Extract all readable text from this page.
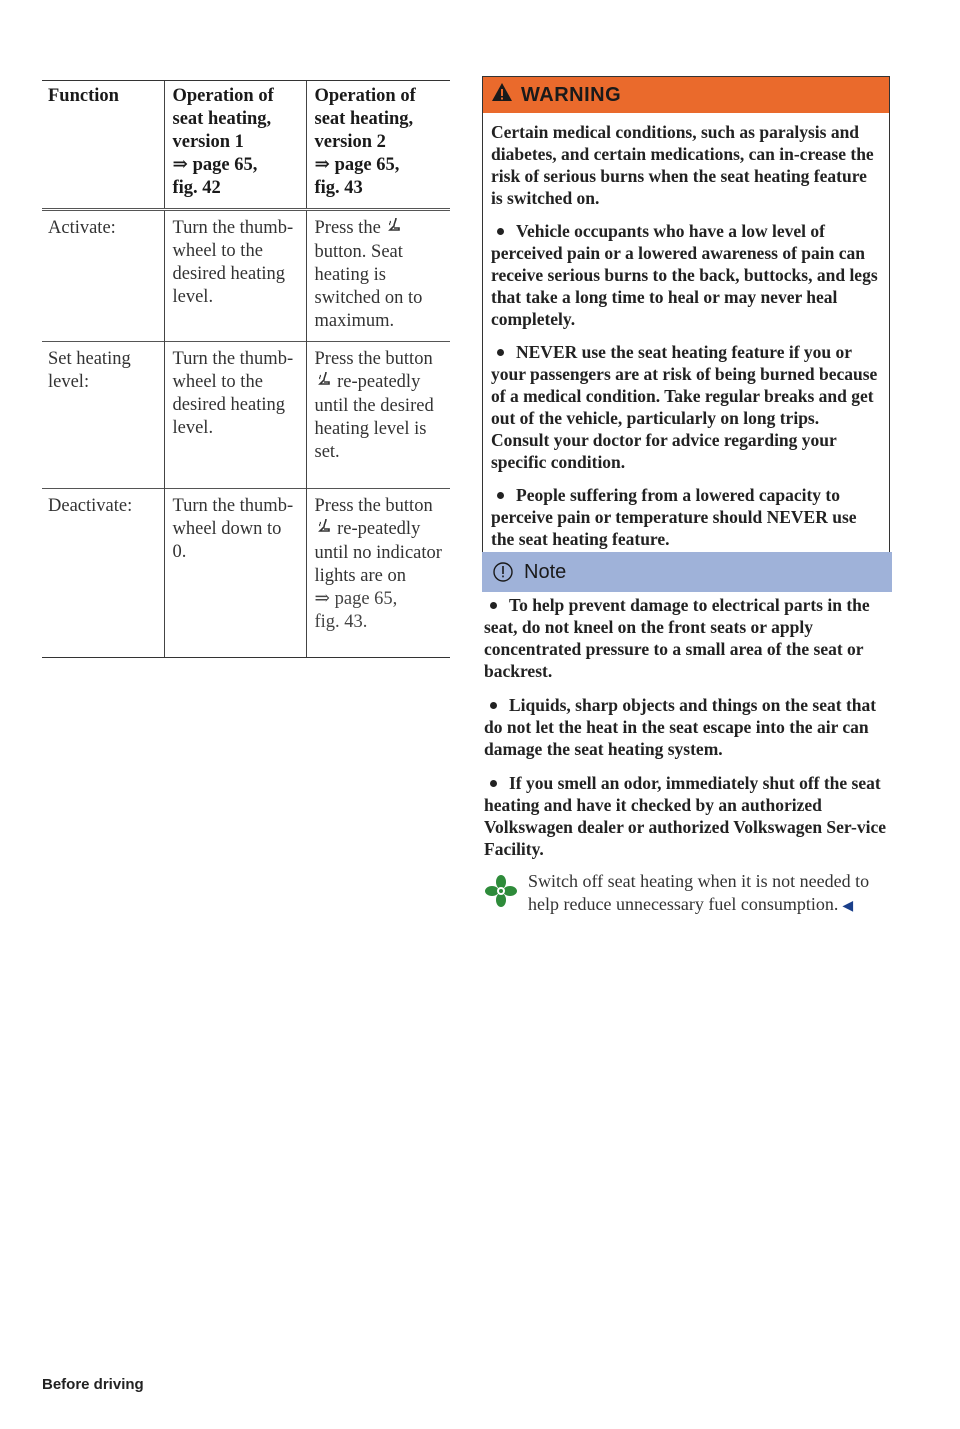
Function	Operation of seat heating, version 1
⇒ page 65,
fig. 42	Operation of seat heating, version 2
⇒ page 65,
fig. 43

Activate:	Turn the thumb-wheel to the desired heating level.	Press the  button. Seat heating is switched on to maximum.
Set heating level:	Turn the thumb-wheel to the desired heating level.	Press the button  re-peatedly until the desired heating level is set.
Deactivate:	Turn the thumb-wheel down to 0.	Press the button  re-peatedly until no indicator lights are on
⇒ page 65,
fig. 43.
Before driving
WARNING

Certain medical conditions, such as paralysis and diabetes, and certain medications, can in-crease the risk of serious burns when the seat heating feature is switched on.

Vehicle occupants who have a low level of perceived pain or a lowered awareness of pain can receive serious burns to the back, buttocks, and legs that take a long time to heal or may never heal completely.

NEVER use the seat heating feature if you or your passengers are at risk of being burned because of a medical condition. Take regular breaks and get out of the vehicle, particularly on long trips. Consult your doctor for advice regarding your specific condition.

People suffering from a lowered capacity to perceive pain or temperature should NEVER use the seat heating feature.

Note

To help prevent damage to electrical parts in the seat, do not kneel on the front seats or apply concentrated pressure to a small area of the seat or backrest.

Liquids, sharp objects and things on the seat that do not let the heat in the seat escape into the air can damage the seat heating system.

If you smell an odor, immediately shut off the seat heating and have it checked by an authorized Volkswagen dealer or authorized Volkswagen Ser-vice Facility.

Switch off seat heating when it is not needed to help reduce unnecessary fuel consumption. ◀
